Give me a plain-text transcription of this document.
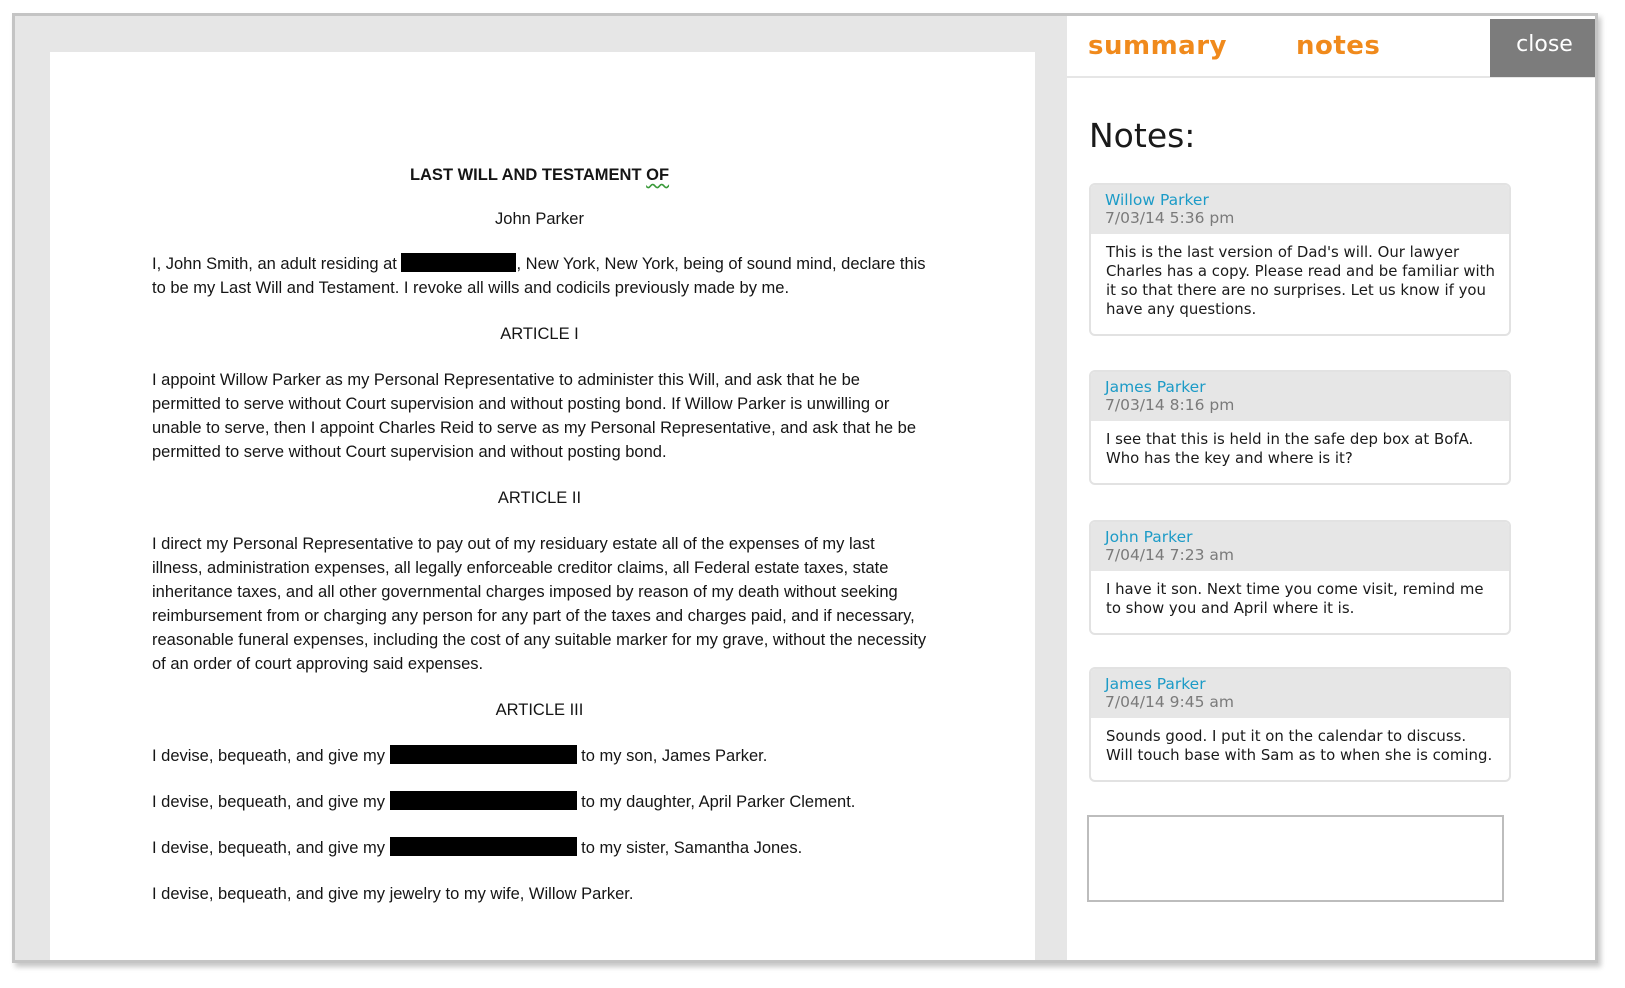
LAST WILL AND TESTAMENT OF

John Parker

I, John Smith, an adult residing at	, New York, New York, being of sound mind, declare this to be my Last Will and Testament. I revoke all wills and codicils previously made by me.

ARTICLE I

I appoint Willow Parker as my Personal Representative to administer this Will, and ask that he be permitted to serve without Court supervision and without posting bond. If Willow Parker is unwilling or unable to serve, then I appoint Charles Reid to serve as my Personal Representative, and ask that he be permitted to serve without Court supervision and without posting bond.

ARTICLE II

I direct my Personal Representative to pay out of my residuary estate all of the expenses of my last illness, administration expenses, all legally enforceable creditor claims, all Federal estate taxes, state inheritance taxes, and all other governmental charges imposed by reason of my death without seeking reimbursement from or charging any person for any part of the taxes and charges paid, and if necessary, reasonable funeral expenses, including the cost of any suitable marker for my grave, without the necessity of an order of court approving said expenses.

ARTICLE III

I devise, bequeath, and give my	to my son, James Parker.

I devise, bequeath, and give my	to my daughter, April Parker Clement.

I devise, bequeath, and give my	to my sister, Samantha Jones.

I devise, bequeath, and give my jewelry to my wife, Willow Parker.

summary	notes	close
Notes:
Willow Parker
7/03/14 5:36 pm
This is the last version of Dad's will. Our lawyer Charles has a copy. Please read and be familiar with it so that there are no surprises. Let us know if you have any questions.
James Parker
7/03/14 8:16 pm
I see that this is held in the safe dep box at BofA. Who has the key and where is it?
John Parker
7/04/14 7:23 am
I have it son. Next time you come visit, remind me to show you and April where it is.
James Parker
7/04/14 9:45 am
Sounds good. I put it on the calendar to discuss. Will touch base with Sam as to when she is coming.
